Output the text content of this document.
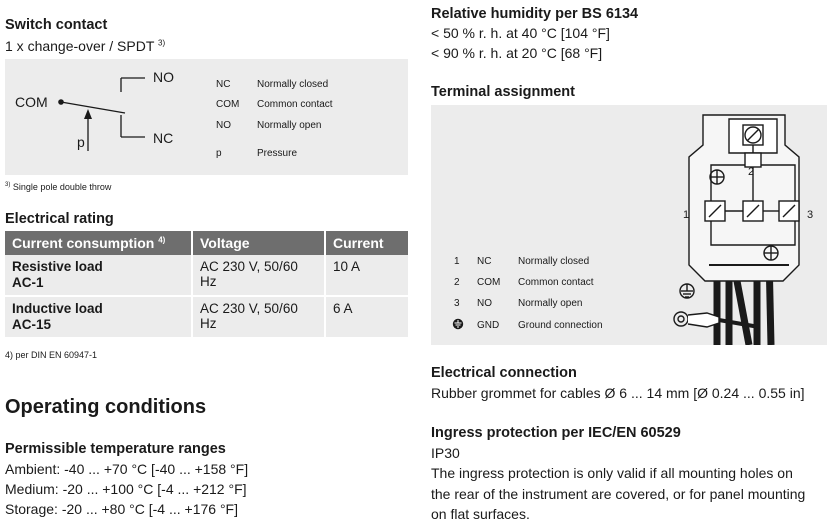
Switch contact
1 x change-over / SPDT $^{3)}$
COM
NO
NC
p
NC	Normally closed
COM Common contact
NO	Normally open
p	Pressure
$^{3)}$ Single pole double throw
Electrical rating
Current consumption $^{4)}$	Voltage	Current

Resistive load
AC-1	AC 230 V, 50/60 Hz	10 A

Inductive load
AC-15	AC 230 V, 50/60 Hz	6 A
4) per DIN EN 60947-1
Operating conditions
Permissible temperature ranges
Ambient: -40 ... +70 °C [-40 ... +158 °F]
Medium: -20 ... +100 °C [-4 ... +212 °F]
Storage: -20 ... +80 °C [-4 ... +176 °F]
Relative humidity per BS 6134
< 50 % r. h. at 40 °C [104 °F]
< 90 % r. h. at 20 °C [68 °F]
Terminal assignment
1 NC	Normally closed
2 COM Common contact
3 NO	Normally open
GND Ground connection
1
2
3
Electrical connection
Rubber grommet for cables Ø 6 ... 14 mm [Ø 0.24 ... 0.55 in]
Ingress protection per IEC/EN 60529
IP30
The ingress protection is only valid if all mounting holes on
the rear of the instrument are covered, or for panel mounting
on flat surfaces.
